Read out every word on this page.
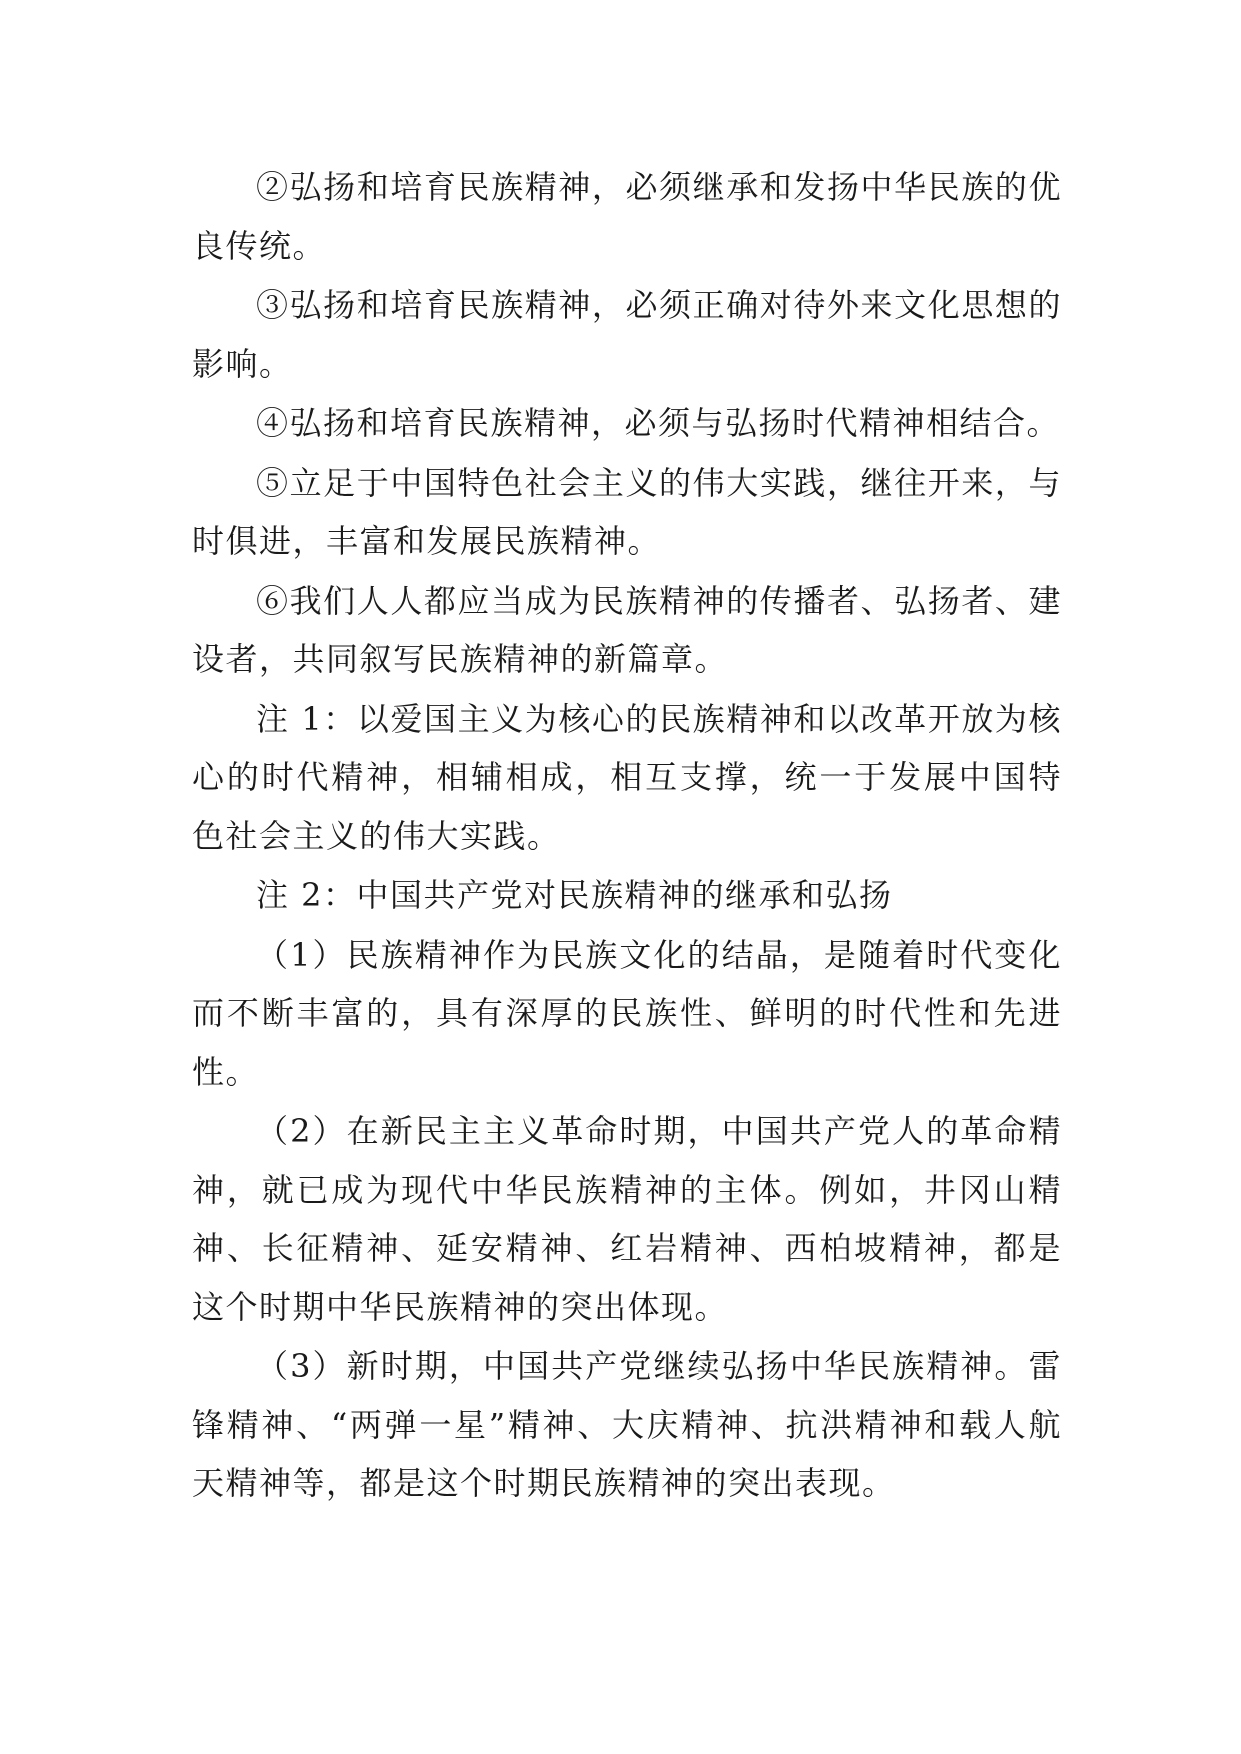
②弘扬和培育民族精神，必须继承和发扬中华民族的优良传统。

③弘扬和培育民族精神，必须正确对待外来文化思想的影响。

④弘扬和培育民族精神，必须与弘扬时代精神相结合。

⑤立足于中国特色社会主义的伟大实践，继往开来，与时俱进，丰富和发展民族精神。

⑥我们人人都应当成为民族精神的传播者、弘扬者、建设者，共同叙写民族精神的新篇章。

注 1：以爱国主义为核心的民族精神和以改革开放为核心的时代精神，相辅相成，相互支撑，统一于发展中国特色社会主义的伟大实践。

注 2：中国共产党对民族精神的继承和弘扬

（1）民族精神作为民族文化的结晶，是随着时代变化而不断丰富的，具有深厚的民族性、鲜明的时代性和先进性。

（2）在新民主主义革命时期，中国共产党人的革命精神，就已成为现代中华民族精神的主体。例如，井冈山精神、长征精神、延安精神、红岩精神、西柏坡精神，都是这个时期中华民族精神的突出体现。

（3）新时期，中国共产党继续弘扬中华民族精神。雷锋精神、“两弹一星”精神、大庆精神、抗洪精神和载人航天精神等，都是这个时期民族精神的突出表现。
